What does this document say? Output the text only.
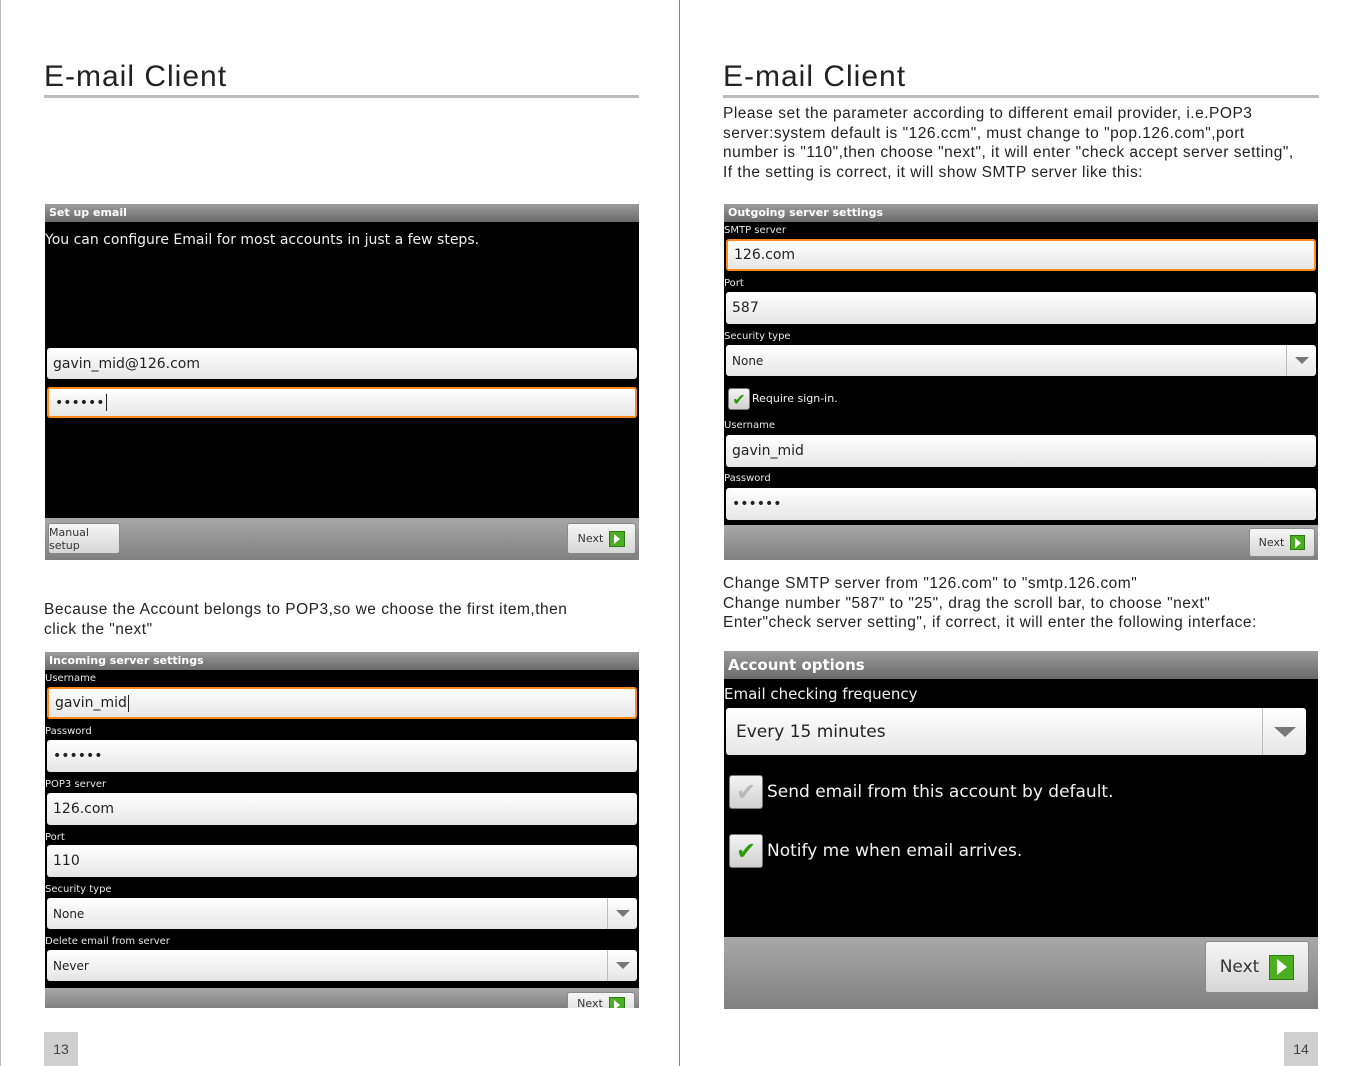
E-mail Client
Set up email
You can configure Email for most accounts in just a few steps.
gavin_mid@126.com
••••••
Manual setup	Next
Because the Account belongs to POP3,so we choose the first item,then
click the "next"
Incoming server settings
Username
gavin_mid
Password
••••••
POP3 server
126.com
Port
110
Security type
None
Delete email from server
Never
Next
13
E-mail Client
Please set the parameter according to different email provider, i.e.POP3
server:system default is "126.ccm", must change to "pop.126.com",port
number is "110",then choose "next", it will enter "check accept server setting",
If the setting is correct, it will show SMTP server like this:
Outgoing server settings
SMTP server
126.com
Port
587
Security type
None
✔ Require sign-in.
Username
gavin_mid
Password
••••••
Next
Change SMTP server from "126.com" to "smtp.126.com"
Change number "587" to "25", drag the scroll bar, to choose "next"
Enter"check server setting", if correct, it will enter the following interface:
Account options
Email checking frequency
Every 15 minutes
✔ Send email from this account by default.
✔ Notify me when email arrives.
Next
14
